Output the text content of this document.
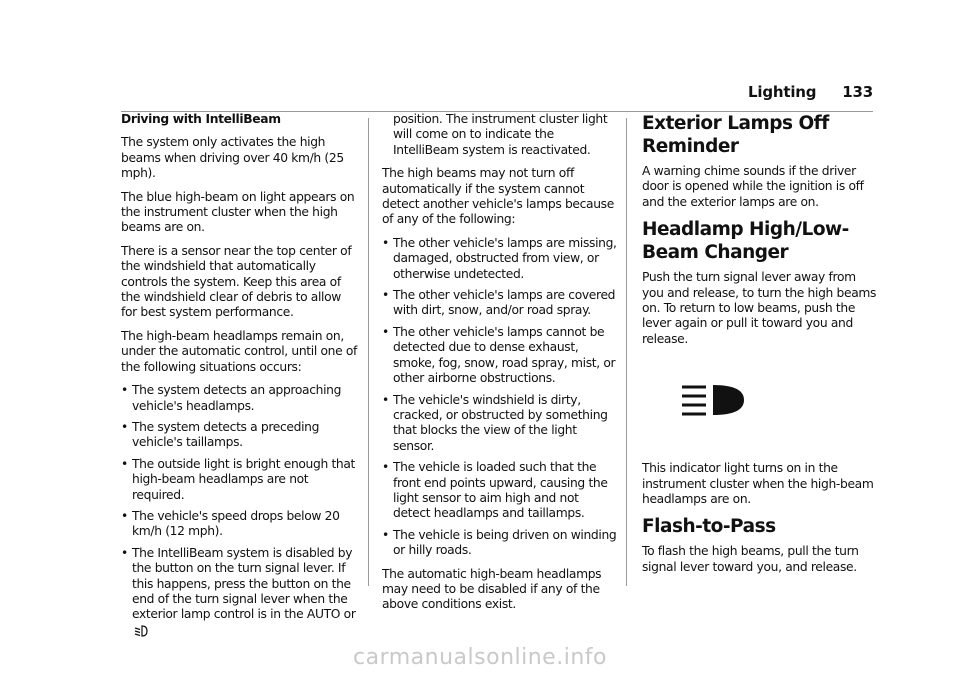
Lighting 133

Driving with IntelliBeam

The system only activates the high beams when driving over 40 km/h (25 mph).

The blue high-beam on light appears on the instrument cluster when the high beams are on.

There is a sensor near the top center of the windshield that automatically controls the system. Keep this area of the windshield clear of debris to allow for best system performance.

The high-beam headlamps remain on, under the automatic control, until one of the following situations occurs:

• The system detects an approaching vehicle's headlamps.
• The system detects a preceding vehicle's taillamps.
• The outside light is bright enough that high-beam headlamps are not required.
• The vehicle's speed drops below 20 km/h (12 mph).
• The IntelliBeam system is disabled by the button on the turn signal lever. If this happens, press the button on the end of the turn signal lever when the exterior lamp control is in the AUTO or

position. The instrument cluster light will come on to indicate the IntelliBeam system is reactivated.

The high beams may not turn off automatically if the system cannot detect another vehicle's lamps because of any of the following:

• The other vehicle's lamps are missing, damaged, obstructed from view, or otherwise undetected.
• The other vehicle's lamps are covered with dirt, snow, and/or road spray.
• The other vehicle's lamps cannot be detected due to dense exhaust, smoke, fog, snow, road spray, mist, or other airborne obstructions.
• The vehicle's windshield is dirty, cracked, or obstructed by something that blocks the view of the light sensor.
• The vehicle is loaded such that the front end points upward, causing the light sensor to aim high and not detect headlamps and taillamps.
• The vehicle is being driven on winding or hilly roads.

The automatic high-beam headlamps may need to be disabled if any of the above conditions exist.

Exterior Lamps Off Reminder

A warning chime sounds if the driver door is opened while the ignition is off and the exterior lamps are on.

Headlamp High/Low-Beam Changer

Push the turn signal lever away from you and release, to turn the high beams on. To return to low beams, push the lever again or pull it toward you and release.

This indicator light turns on in the instrument cluster when the high-beam headlamps are on.

Flash-to-Pass

To flash the high beams, pull the turn signal lever toward you, and release.

carmanualsonline.info
